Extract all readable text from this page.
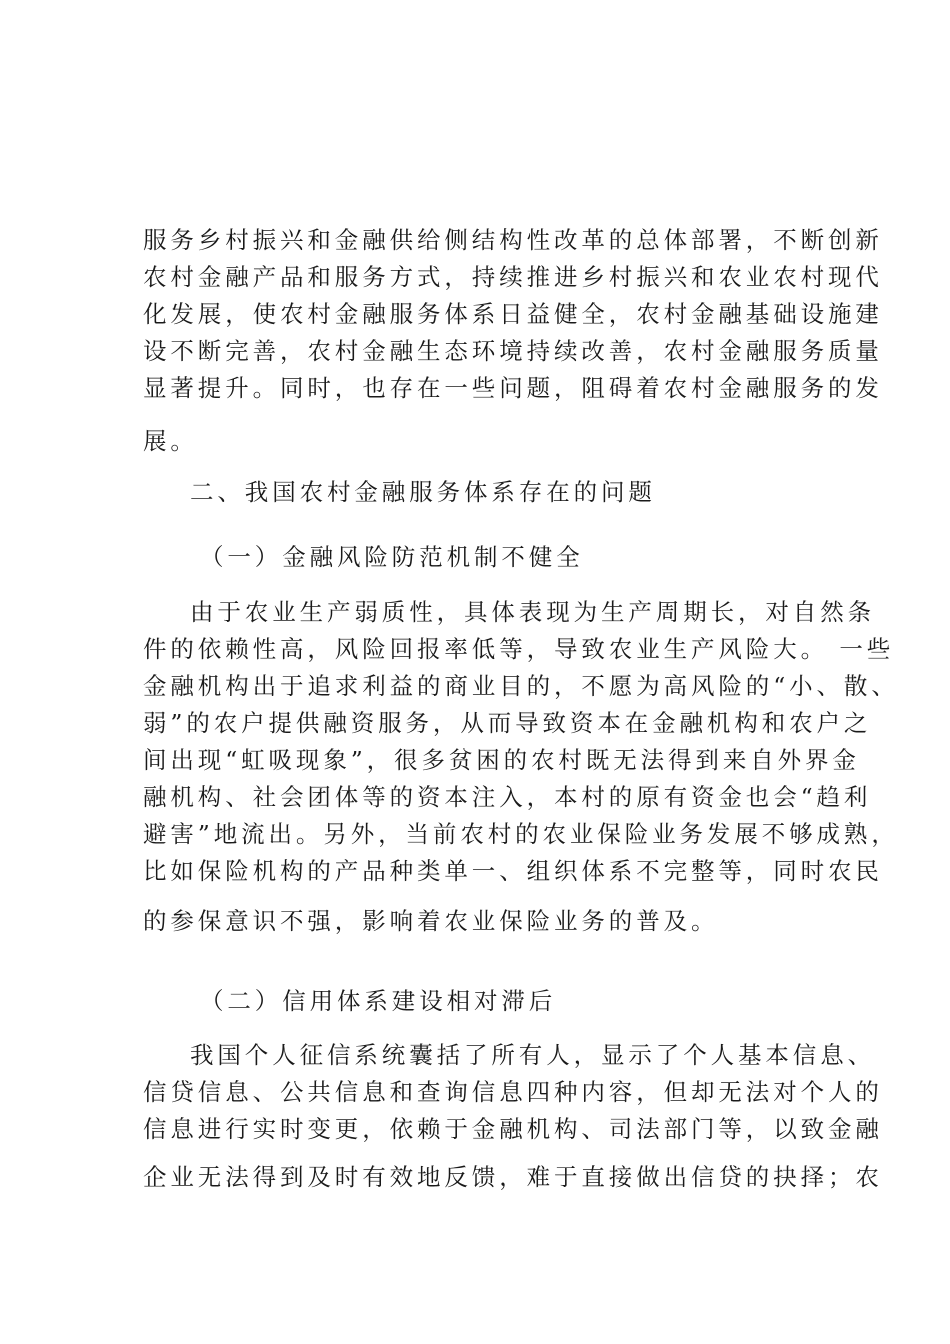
服务乡村振兴和金融供给侧结构性改革的总体部署，不断创新
农村金融产品和服务方式，持续推进乡村振兴和农业农村现代
化发展，使农村金融服务体系日益健全，农村金融基础设施建
设不断完善，农村金融生态环境持续改善，农村金融服务质量
显著提升。同时，也存在一些问题，阻碍着农村金融服务的发
展。
二、我国农村金融服务体系存在的问题
（一）金融风险防范机制不健全
由于农业生产弱质性，具体表现为生产周期长，对自然条
件的依赖性高，风险回报率低等，导致农业生产风险大。 一些
金融机构出于追求利益的商业目的，不愿为高风险的“小、散、
弱”的农户提供融资服务，从而导致资本在金融机构和农户之
间出现“虹吸现象”，很多贫困的农村既无法得到来自外界金
融机构、社会团体等的资本注入，本村的原有资金也会“趋利
避害”地流出。另外，当前农村的农业保险业务发展不够成熟，
比如保险机构的产品种类单一、组织体系不完整等，同时农民
的参保意识不强，影响着农业保险业务的普及。
（二）信用体系建设相对滞后
我国个人征信系统囊括了所有人，显示了个人基本信息、
信贷信息、公共信息和查询信息四种内容，但却无法对个人的
信息进行实时变更，依赖于金融机构、司法部门等，以致金融
企业无法得到及时有效地反馈，难于直接做出信贷的抉择；农
